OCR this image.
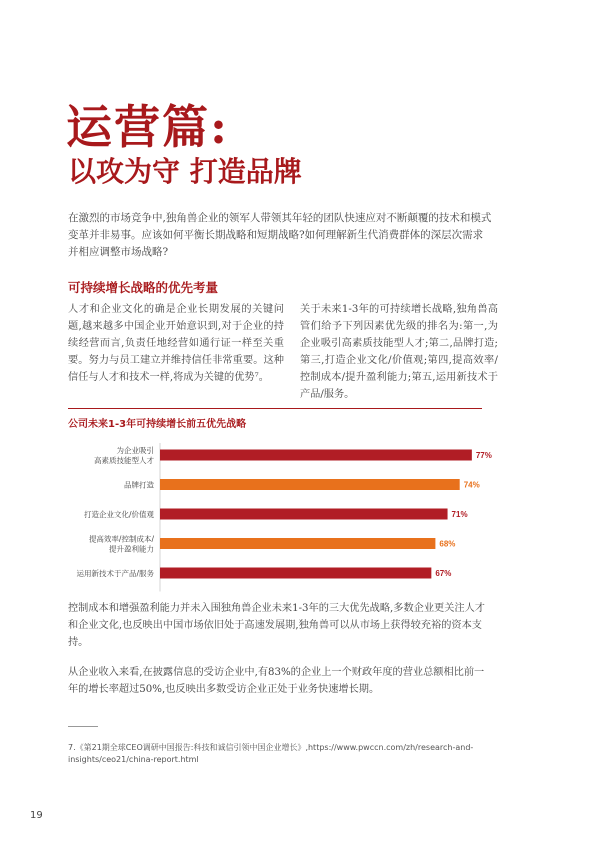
运营篇:
以攻为守 打造品牌
在激烈的市场竞争中,独角兽企业的领军人带领其年轻的团队快速应对不断颠覆的技术和模式变革并非易事。应该如何平衡长期战略和短期战略?如何理解新生代消费群体的深层次需求并相应调整市场战略?
可持续增长战略的优先考量
人才和企业文化的确是企业长期发展的关键问题,越来越多中国企业开始意识到,对于企业的持续经营而言,负责任地经营如通行证一样至关重要。努力与员工建立并维持信任非常重要。这种信任与人才和技术一样,将成为关键的优势⁷。
关于未来1-3年的可持续增长战略,独角兽高管们给予下列因素优先级的排名为:第一,为企业吸引高素质技能型人才;第二,品牌打造;第三,打造企业文化/价值观;第四,提高效率/控制成本/提升盈利能力;第五,运用新技术于产品/服务。
公司未来1-3年可持续增长前五优先战略
77%
为企业吸引
高素质技能型人才
74%
品牌打造
71%
打造企业文化/价值观
68%
提高效率/控制成本/
提升盈利能力
67%
运用新技术于产品/服务
控制成本和增强盈利能力并未入围独角兽企业未来1-3年的三大优先战略,多数企业更关注人才和企业文化,也反映出中国市场依旧处于高速发展期,独角兽可以从市场上获得较充裕的资本支持。
从企业收入来看,在披露信息的受访企业中,有83%的企业上一个财政年度的营业总额相比前一年的增长率超过50%,也反映出多数受访企业正处于业务快速增长期。
7.《第21期全球CEO调研中国报告:科技和诚信引领中国企业增长》,https://www.pwccn.com/zh/research-and-insights/ceo21/china-report.html
19
